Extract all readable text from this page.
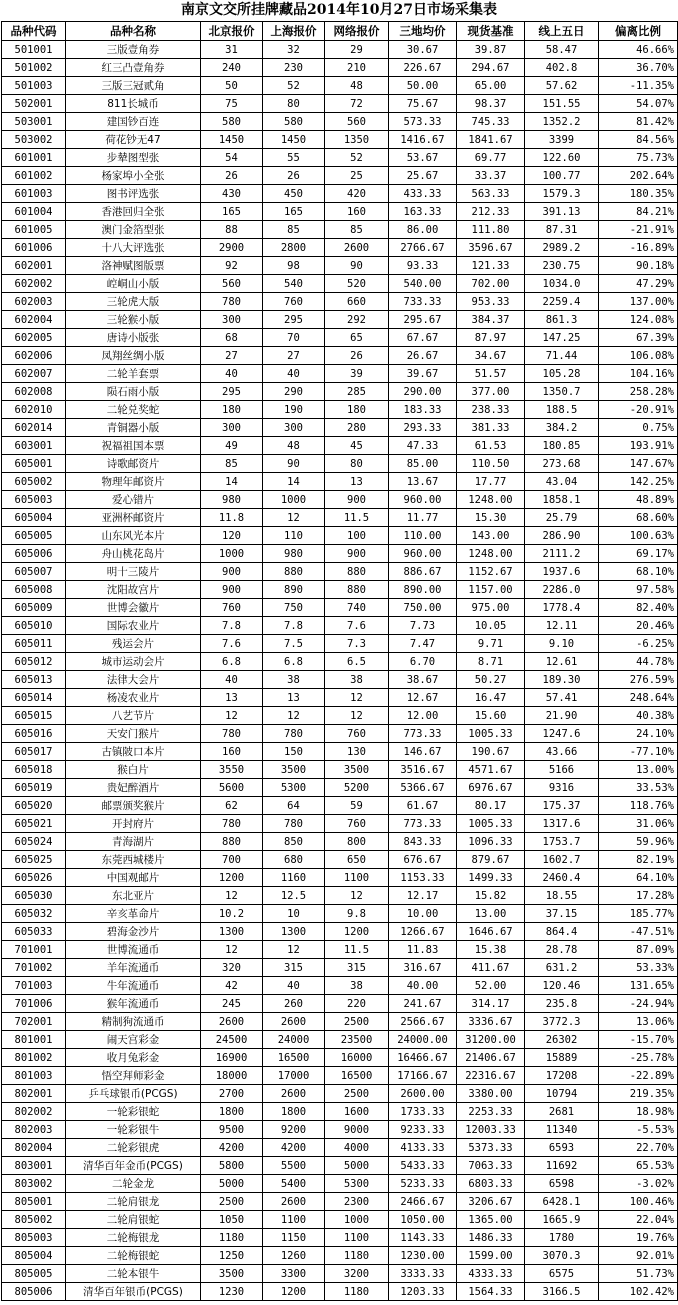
南京文交所挂牌藏品2014年10月27日市场采集表
品种代码	品种名称	北京报价	上海报价	网络报价	三地均价	现货基准	线上五日	偏离比例
501001	三版壹角券	31	32	29	30.67	39.87	58.47	46.66%
501002	红三凸壹角券	240	230	210	226.67	294.67	402.8	36.70%
501003	三版三冠贰角	50	52	48	50.00	65.00	57.62	-11.35%
502001	811长城币	75	80	72	75.67	98.37	151.55	54.07%
503001	建国钞百连	580	580	560	573.33	745.33	1352.2	81.42%
503002	荷花钞无47	1450	1450	1350	1416.67	1841.67	3399	84.56%
601001	步辇图型张	54	55	52	53.67	69.77	122.60	75.73%
601002	杨家埠小全张	26	26	25	25.67	33.37	100.77	202.64%
601003	图书评选张	430	450	420	433.33	563.33	1579.3	180.35%
601004	香港回归全张	165	165	160	163.33	212.33	391.13	84.21%
601005	澳门金箔型张	88	85	85	86.00	111.80	87.31	-21.91%
601006	十八大评选张	2900	2800	2600	2766.67	3596.67	2989.2	-16.89%
602001	洛神赋图版票	92	98	90	93.33	121.33	230.75	90.18%
602002	崆峒山小版	560	540	520	540.00	702.00	1034.0	47.29%
602003	三轮虎大版	780	760	660	733.33	953.33	2259.4	137.00%
602004	三轮猴小版	300	295	292	295.67	384.37	861.3	124.08%
602005	唐诗小版张	68	70	65	67.67	87.97	147.25	67.39%
602006	凤翔丝绸小版	27	27	26	26.67	34.67	71.44	106.08%
602007	二轮羊套票	40	40	39	39.67	51.57	105.28	104.16%
602008	陨石雨小版	295	290	285	290.00	377.00	1350.7	258.28%
602010	二轮兑奖蛇	180	190	180	183.33	238.33	188.5	-20.91%
602014	青铜器小版	300	300	280	293.33	381.33	384.2	0.75%
603001	祝福祖国本票	49	48	45	47.33	61.53	180.85	193.91%
605001	诗歌邮资片	85	90	80	85.00	110.50	273.68	147.67%
605002	物理年邮资片	14	14	13	13.67	17.77	43.04	142.25%
605003	爱心错片	980	1000	900	960.00	1248.00	1858.1	48.89%
605004	亚洲杯邮资片	11.8	12	11.5	11.77	15.30	25.79	68.60%
605005	山东风光本片	120	110	100	110.00	143.00	286.90	100.63%
605006	舟山桃花岛片	1000	980	900	960.00	1248.00	2111.2	69.17%
605007	明十三陵片	900	880	880	886.67	1152.67	1937.6	68.10%
605008	沈阳故宫片	900	890	880	890.00	1157.00	2286.0	97.58%
605009	世博会徽片	760	750	740	750.00	975.00	1778.4	82.40%
605010	国际农业片	7.8	7.8	7.6	7.73	10.05	12.11	20.46%
605011	残运会片	7.6	7.5	7.3	7.47	9.71	9.10	-6.25%
605012	城市运动会片	6.8	6.8	6.5	6.70	8.71	12.61	44.78%
605013	法律大会片	40	38	38	38.67	50.27	189.30	276.59%
605014	杨凌农业片	13	13	12	12.67	16.47	57.41	248.64%
605015	八艺节片	12	12	12	12.00	15.60	21.90	40.38%
605016	天安门猴片	780	780	760	773.33	1005.33	1247.6	24.10%
605017	古镇陂口本片	160	150	130	146.67	190.67	43.66	-77.10%
605018	猴白片	3550	3500	3500	3516.67	4571.67	5166	13.00%
605019	贵妃醉酒片	5600	5300	5200	5366.67	6976.67	9316	33.53%
605020	邮票颁奖猴片	62	64	59	61.67	80.17	175.37	118.76%
605021	开封府片	780	780	760	773.33	1005.33	1317.6	31.06%
605024	青海湖片	880	850	800	843.33	1096.33	1753.7	59.96%
605025	东莞西城楼片	700	680	650	676.67	879.67	1602.7	82.19%
605026	中国观邮片	1200	1160	1100	1153.33	1499.33	2460.4	64.10%
605030	东北亚片	12	12.5	12	12.17	15.82	18.55	17.28%
605032	辛亥革命片	10.2	10	9.8	10.00	13.00	37.15	185.77%
605033	碧海金沙片	1300	1300	1200	1266.67	1646.67	864.4	-47.51%
701001	世博流通币	12	12	11.5	11.83	15.38	28.78	87.09%
701002	羊年流通币	320	315	315	316.67	411.67	631.2	53.33%
701003	牛年流通币	42	40	38	40.00	52.00	120.46	131.65%
701006	猴年流通币	245	260	220	241.67	314.17	235.8	-24.94%
702001	精制狗流通币	2600	2600	2500	2566.67	3336.67	3772.3	13.06%
801001	闹天宫彩金	24500	24000	23500	24000.00	31200.00	26302	-15.70%
801002	收月兔彩金	16900	16500	16000	16466.67	21406.67	15889	-25.78%
801003	悟空拜师彩金	18000	17000	16500	17166.67	22316.67	17208	-22.89%
802001	乒乓球银币(PCGS)	2700	2600	2500	2600.00	3380.00	10794	219.35%
802002	一轮彩银蛇	1800	1800	1600	1733.33	2253.33	2681	18.98%
802003	一轮彩银牛	9500	9200	9000	9233.33	12003.33	11340	-5.53%
802004	二轮彩银虎	4200	4200	4000	4133.33	5373.33	6593	22.70%
803001	清华百年金币(PCGS)	5800	5500	5000	5433.33	7063.33	11692	65.53%
803002	二轮金龙	5000	5400	5300	5233.33	6803.33	6598	-3.02%
805001	二轮肩银龙	2500	2600	2300	2466.67	3206.67	6428.1	100.46%
805002	二轮肩银蛇	1050	1100	1000	1050.00	1365.00	1665.9	22.04%
805003	二轮梅银龙	1180	1150	1100	1143.33	1486.33	1780	19.76%
805004	二轮梅银蛇	1250	1260	1180	1230.00	1599.00	3070.3	92.01%
805005	二轮本银牛	3500	3300	3200	3333.33	4333.33	6575	51.73%
805006	清华百年银币(PCGS)	1230	1200	1180	1203.33	1564.33	3166.5	102.42%
